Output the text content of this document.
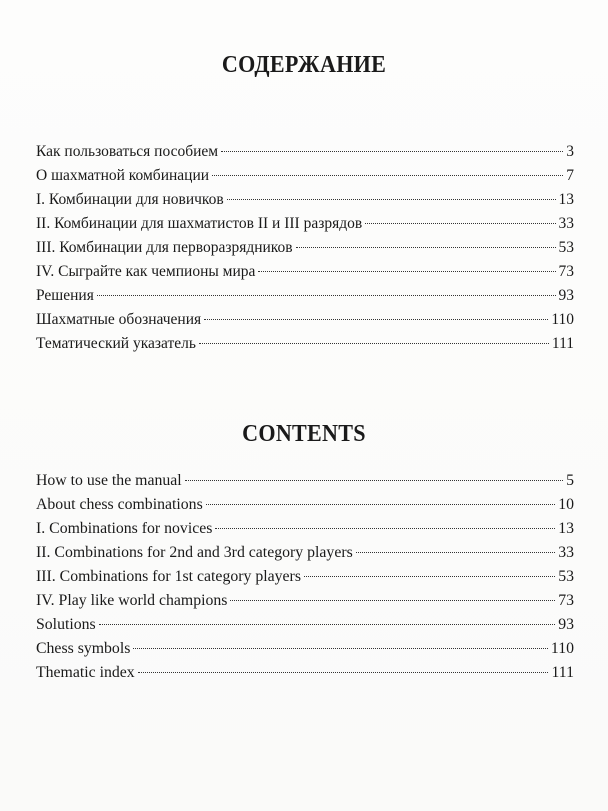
СОДЕРЖАНИЕ
Как пользоваться пособием	3
О шахматной комбинации	7
I. Комбинации для новичков	13
II. Комбинации для шахматистов II и III разрядов	33
III. Комбинации для перворазрядников	53
IV. Сыграйте как чемпионы мира	73
Решения	93
Шахматные обозначения	110
Тематический указатель	111
CONTENTS
How to use the manual	5
About chess combinations	10
I. Combinations for novices	13
II. Combinations for 2nd and 3rd category players	33
III. Combinations for 1st category players	53
IV. Play like world champions	73
Solutions	93
Chess symbols	110
Thematic index	111
